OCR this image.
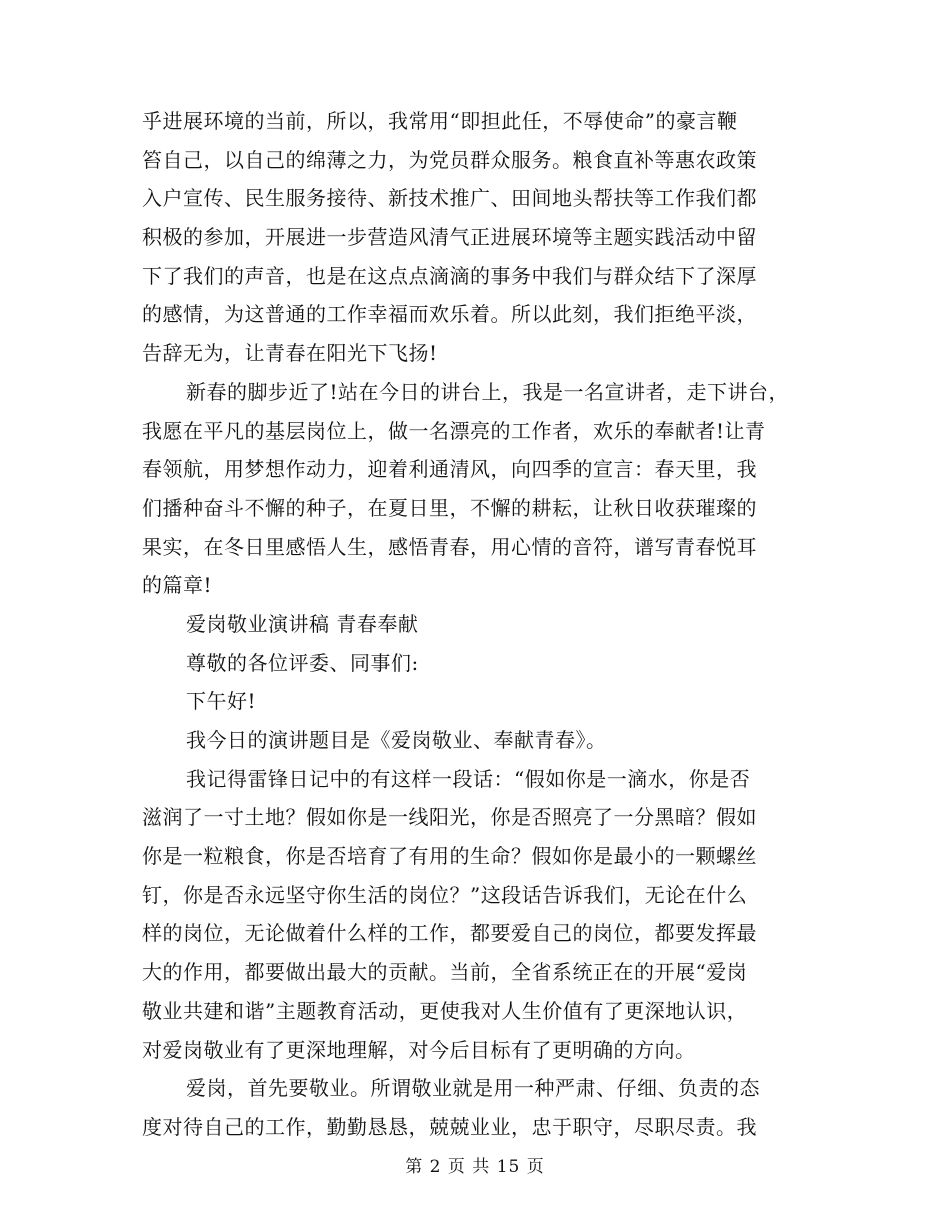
乎进展环境的当前，所以，我常用“即担此任，不辱使命”的豪言鞭
笞自己，以自己的绵薄之力，为党员群众服务。粮食直补等惠农政策
入户宣传、民生服务接待、新技术推广、田间地头帮扶等工作我们都
积极的参加，开展进一步营造风清气正进展环境等主题实践活动中留
下了我们的声音，也是在这点点滴滴的事务中我们与群众结下了深厚
的感情，为这普通的工作幸福而欢乐着。所以此刻，我们拒绝平淡，
告辞无为，让青春在阳光下飞扬!
新春的脚步近了!站在今日的讲台上，我是一名宣讲者，走下讲台，
我愿在平凡的基层岗位上，做一名漂亮的工作者，欢乐的奉献者!让青
春领航，用梦想作动力，迎着利通清风，向四季的宣言：春天里，我
们播种奋斗不懈的种子，在夏日里，不懈的耕耘，让秋日收获璀璨的
果实，在冬日里感悟人生，感悟青春，用心情的音符，谱写青春悦耳
的篇章!
爱岗敬业演讲稿 青春奉献
尊敬的各位评委、同事们:
下午好!
我今日的演讲题目是《爱岗敬业、奉献青春》。
我记得雷锋日记中的有这样一段话：“假如你是一滴水，你是否
滋润了一寸土地？假如你是一线阳光，你是否照亮了一分黑暗？假如
你是一粒粮食，你是否培育了有用的生命？假如你是最小的一颗螺丝
钉，你是否永远坚守你生活的岗位？”这段话告诉我们，无论在什么
样的岗位，无论做着什么样的工作，都要爱自己的岗位，都要发挥最
大的作用，都要做出最大的贡献。当前，全省系统正在的开展“爱岗
敬业共建和谐”主题教育活动，更使我对人生价值有了更深地认识，
对爱岗敬业有了更深地理解，对今后目标有了更明确的方向。
爱岗，首先要敬业。所谓敬业就是用一种严肃、仔细、负责的态
度对待自己的工作，勤勤恳恳，兢兢业业，忠于职守，尽职尽责。我
第 2 页 共 15 页
